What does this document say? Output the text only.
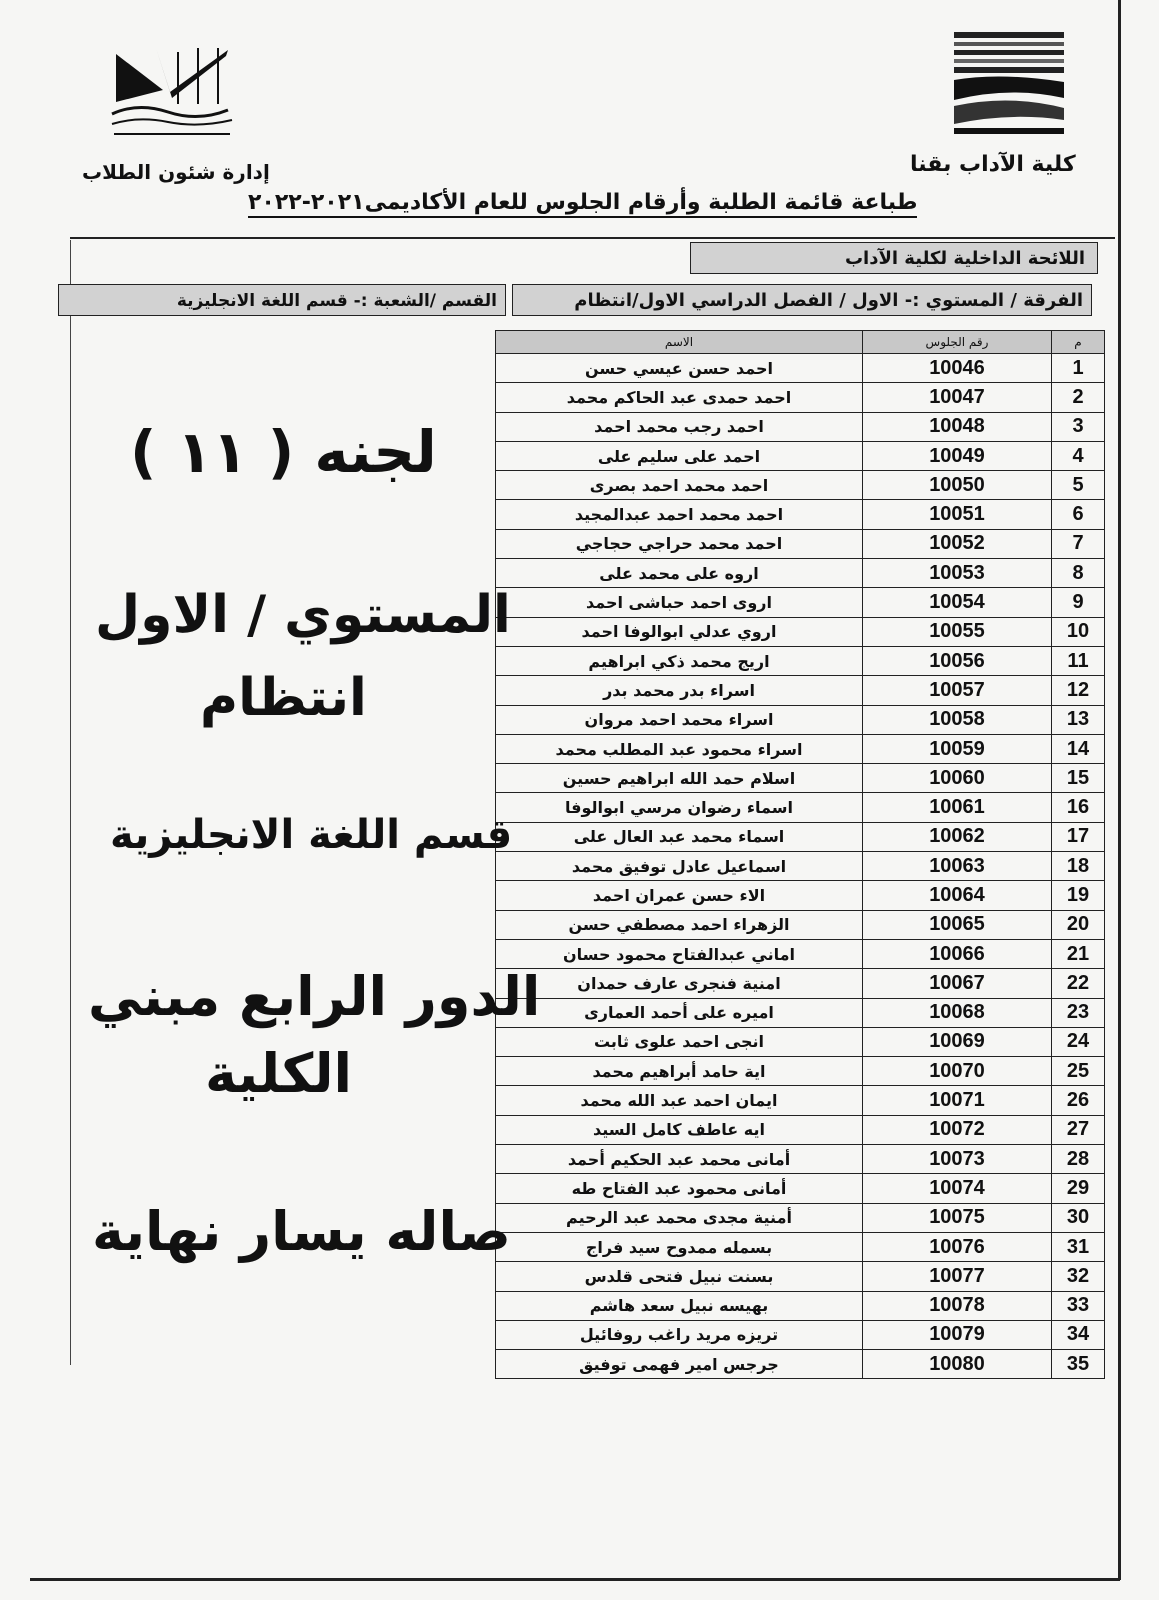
كلية الآداب بقنا
إدارة شئون الطلاب
طباعة قائمة الطلبة وأرقام الجلوس للعام الأكاديمى٢٠٢١-٢٠٢٢
اللائحة الداخلية لكلية الآداب
الفرقة / المستوي :- الاول / الفصل الدراسي الاول/انتظام
القسم /الشعبة :- قسم اللغة الانجليزية
م	رقم الجلوس	الاسم
1	10046	احمد حسن عيسي حسن
2	10047	احمد حمدى عبد الحاكم محمد
3	10048	احمد رجب محمد احمد
4	10049	احمد على سليم على
5	10050	احمد محمد احمد بصرى
6	10051	احمد محمد احمد عبدالمجيد
7	10052	احمد محمد حراجي حجاجي
8	10053	اروه على محمد على
9	10054	اروى احمد حباشى احمد
10	10055	اروي عدلي ابوالوفا احمد
11	10056	اريج محمد ذكي ابراهيم
12	10057	اسراء بدر محمد بدر
13	10058	اسراء محمد احمد مروان
14	10059	اسراء محمود عبد المطلب محمد
15	10060	اسلام حمد الله ابراهيم حسين
16	10061	اسماء رضوان مرسي ابوالوفا
17	10062	اسماء محمد عبد العال على
18	10063	اسماعيل عادل توفيق محمد
19	10064	الاء حسن عمران احمد
20	10065	الزهراء احمد مصطفي حسن
21	10066	اماني عبدالفتاح محمود حسان
22	10067	امنية فنجرى عارف حمدان
23	10068	اميره على أحمد العمارى
24	10069	انجى احمد علوى ثابت
25	10070	اية حامد أبراهيم محمد
26	10071	ايمان احمد عبد الله محمد
27	10072	ايه عاطف كامل السيد
28	10073	أمانى محمد عبد الحكيم أحمد
29	10074	أمانى محمود عبد الفتاح طه
30	10075	أمنية مجدى محمد عبد الرحيم
31	10076	بسمله ممدوح سيد فراج
32	10077	بسنت نبيل فتحى قلدس
33	10078	بهيسه نبيل سعد هاشم
34	10079	تريزه مريد راغب روفائيل
35	10080	جرجس امير فهمى توفيق
لجنه ( ١١ )
المستوي / الاول
انتظام
قسم اللغة الانجليزية
الدور الرابع مبني
الكلية
صاله يسار نهاية
